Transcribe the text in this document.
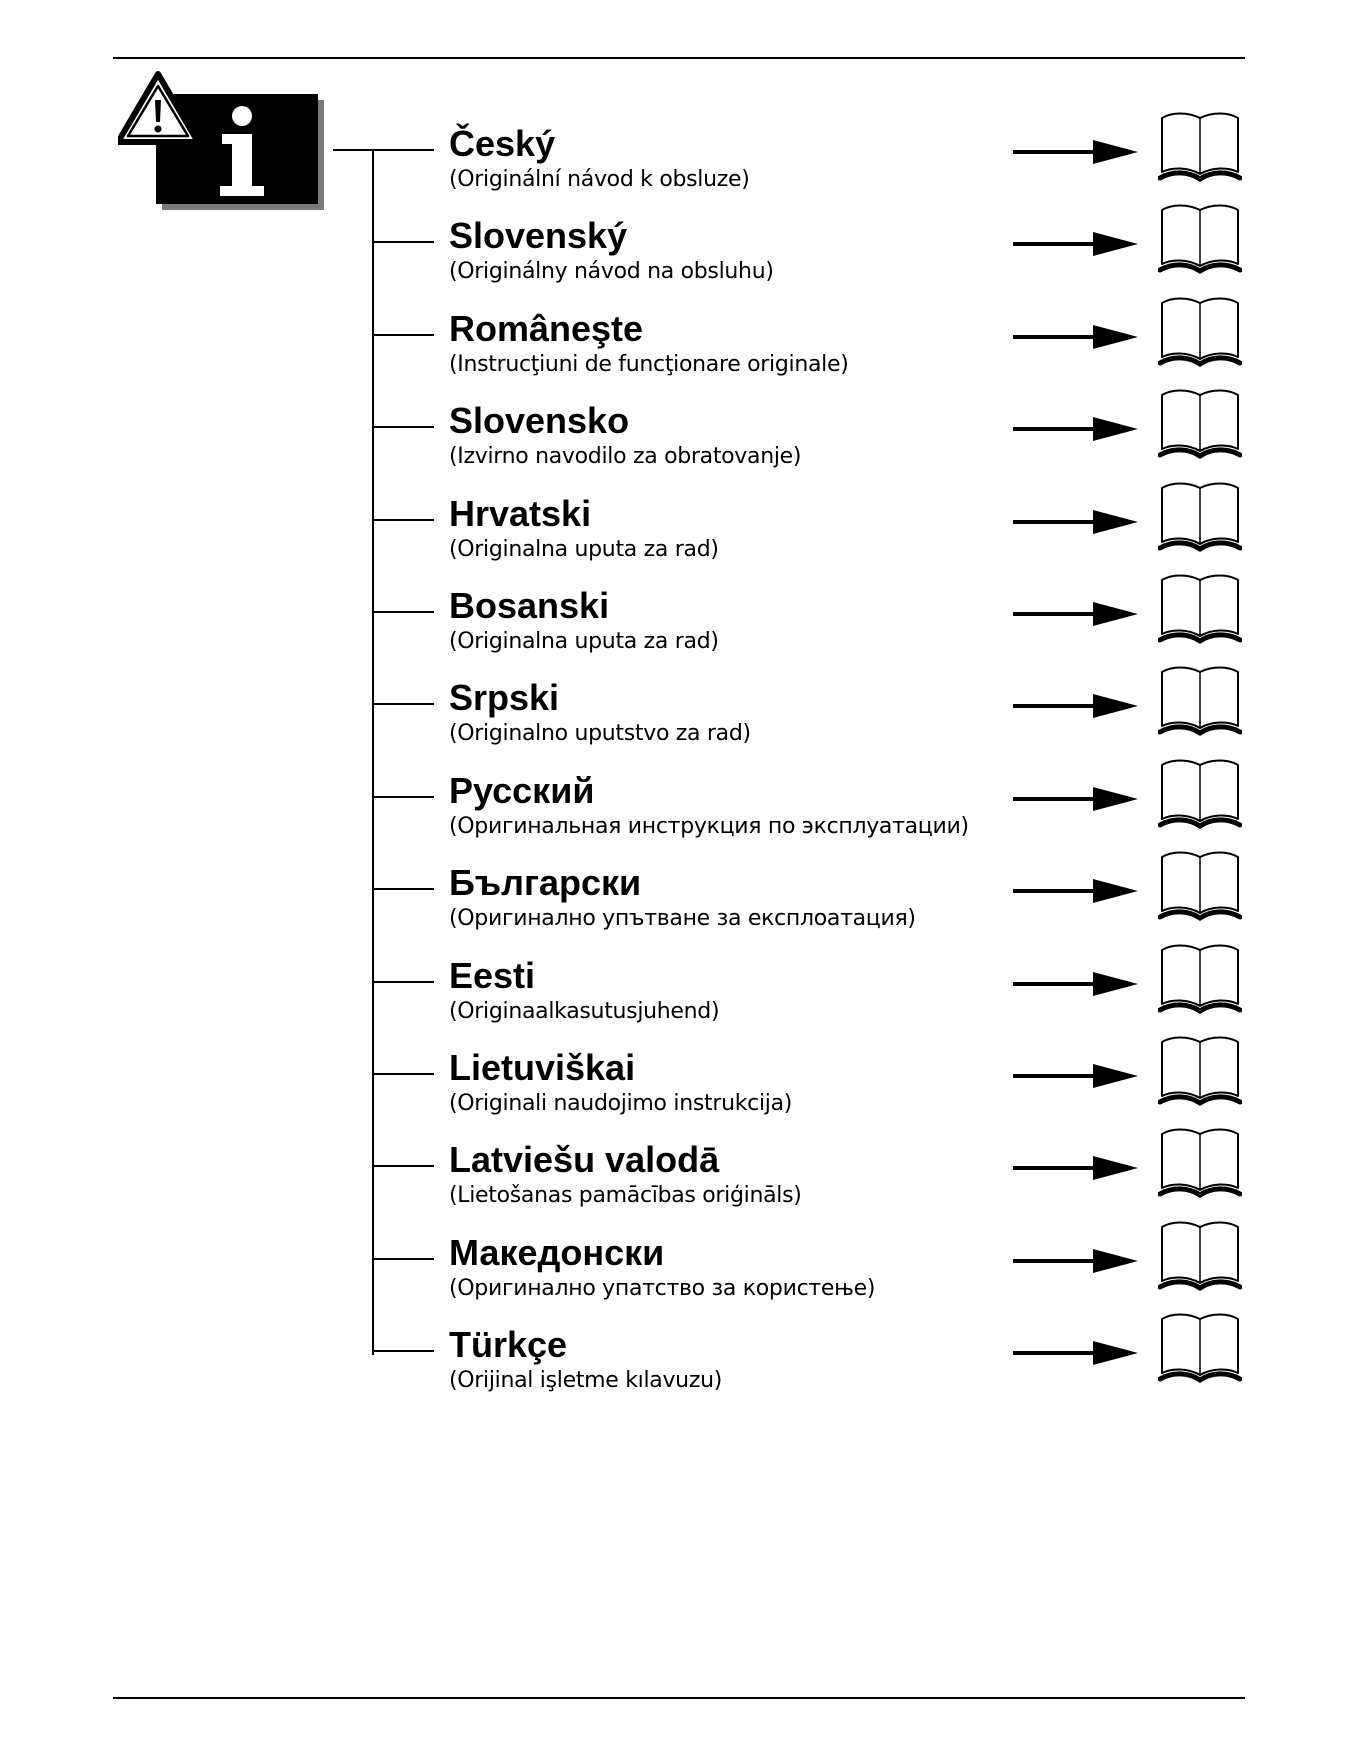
Český
(Originální návod k obsluze)
Slovenský
(Originálny návod na obsluhu)
Româneşte
(Instrucţiuni de funcţionare originale)
Slovensko
(Izvirno navodilo za obratovanje)
Hrvatski
(Originalna uputa za rad)
Bosanski
(Originalna uputa za rad)
Srpski
(Originalno uputstvo za rad)
Русский
(Оригинальная инструкция по эксплуатации)
Български
(Оригинално упътване за експлоатация)
Eesti
(Originaalkasutusjuhend)
Lietuviškai
(Originali naudojimo instrukcija)
Latviešu valodā
(Lietošanas pamācības oriģināls)
Македонски
(Оригинално упатство за користење)
Türkçe
(Orijinal işletme kılavuzu)
